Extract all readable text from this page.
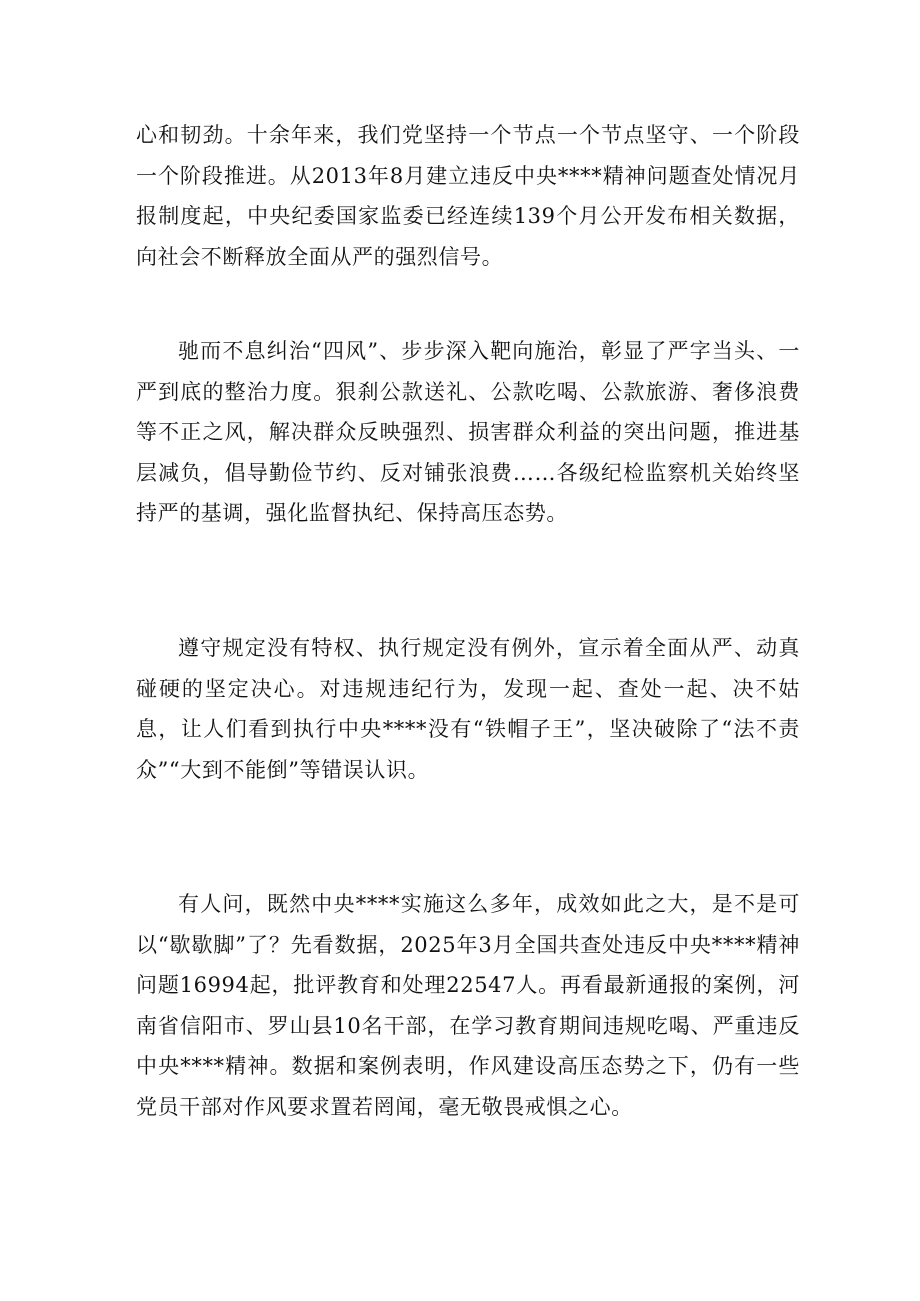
心和韧劲。十余年来，我们党坚持一个节点一个节点坚守、一个阶段一个阶段推进。从2013年8月建立违反中央****精神问题查处情况月报制度起，中央纪委国家监委已经连续139个月公开发布相关数据，向社会不断释放全面从严的强烈信号。

驰而不息纠治“四风”、步步深入靶向施治，彰显了严字当头、一严到底的整治力度。狠刹公款送礼、公款吃喝、公款旅游、奢侈浪费等不正之风，解决群众反映强烈、损害群众利益的突出问题，推进基层减负，倡导勤俭节约、反对铺张浪费……各级纪检监察机关始终坚持严的基调，强化监督执纪、保持高压态势。

遵守规定没有特权、执行规定没有例外，宣示着全面从严、动真碰硬的坚定决心。对违规违纪行为，发现一起、查处一起、决不姑息，让人们看到执行中央****没有“铁帽子王”，坚决破除了“法不责众”“大到不能倒”等错误认识。

有人问，既然中央****实施这么多年，成效如此之大，是不是可以“歇歇脚”了？先看数据，2025年3月全国共查处违反中央****精神问题16994起，批评教育和处理22547人。再看最新通报的案例，河南省信阳市、罗山县10名干部，在学习教育期间违规吃喝、严重违反中央****精神。数据和案例表明，作风建设高压态势之下，仍有一些党员干部对作风要求置若罔闻，毫无敬畏戒惧之心。
